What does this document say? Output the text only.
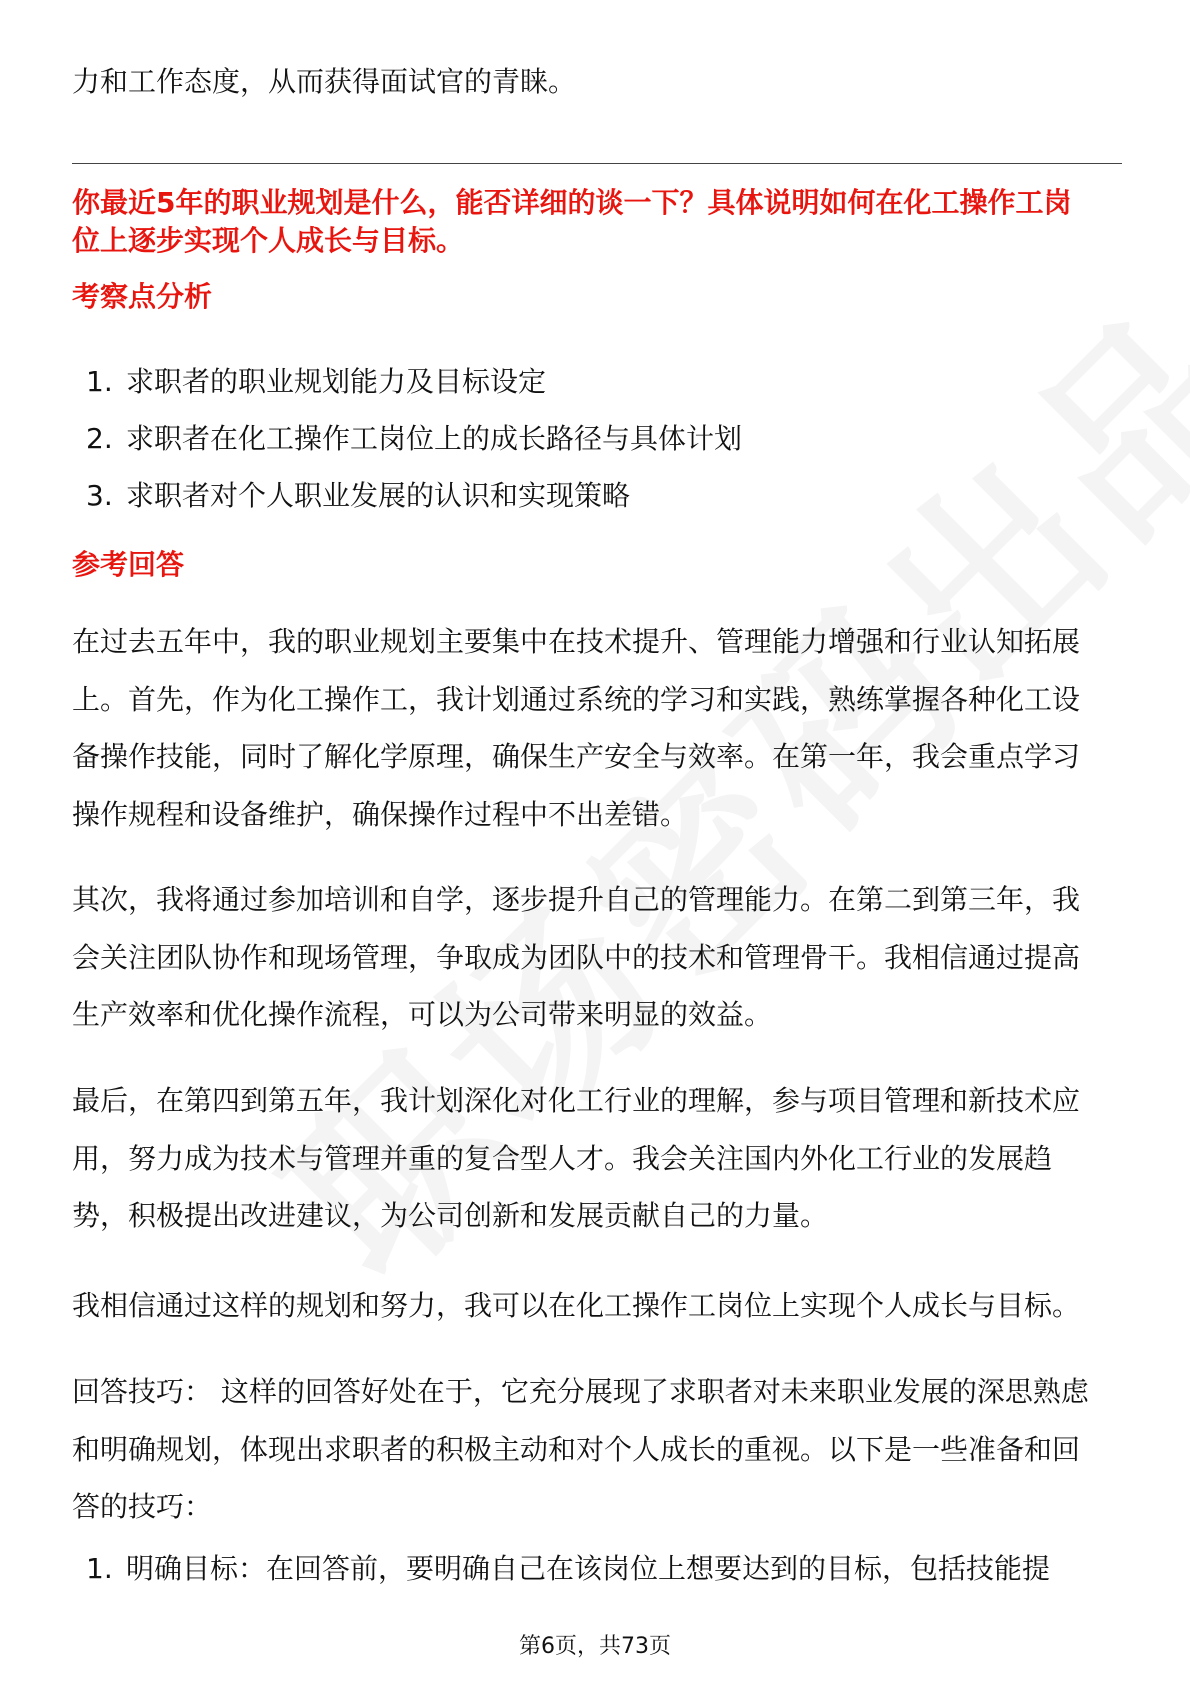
力和工作态度，从而获得面试官的青睐。
你最近5年的职业规划是什么，能否详细的谈一下？具体说明如何在化工操作工岗
位上逐步实现个人成长与目标。
考察点分析
1. 求职者的职业规划能力及目标设定
2. 求职者在化工操作工岗位上的成长路径与具体计划
3. 求职者对个人职业发展的认识和实现策略
参考回答
在过去五年中，我的职业规划主要集中在技术提升、管理能力增强和行业认知拓展
上。首先，作为化工操作工，我计划通过系统的学习和实践，熟练掌握各种化工设
备操作技能，同时了解化学原理，确保生产安全与效率。在第一年，我会重点学习
操作规程和设备维护，确保操作过程中不出差错。
其次，我将通过参加培训和自学，逐步提升自己的管理能力。在第二到第三年，我
会关注团队协作和现场管理，争取成为团队中的技术和管理骨干。我相信通过提高
生产效率和优化操作流程，可以为公司带来明显的效益。
最后，在第四到第五年，我计划深化对化工行业的理解，参与项目管理和新技术应
用，努力成为技术与管理并重的复合型人才。我会关注国内外化工行业的发展趋
势，积极提出改进建议，为公司创新和发展贡献自己的力量。
我相信通过这样的规划和努力，我可以在化工操作工岗位上实现个人成长与目标。
回答技巧： 这样的回答好处在于，它充分展现了求职者对未来职业发展的深思熟虑
和明确规划，体现出求职者的积极主动和对个人成长的重视。以下是一些准备和回
答的技巧：
1. 明确目标：在回答前，要明确自己在该岗位上想要达到的目标，包括技能提
第6页，共73页
